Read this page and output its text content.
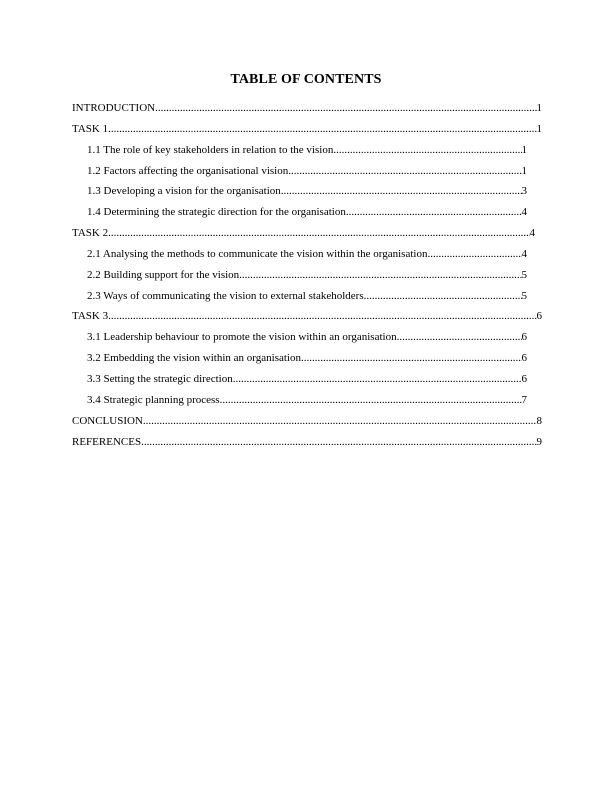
TABLE OF CONTENTS
INTRODUCTION .....	1
TASK 1 .....	1
1.1 The role of key stakeholders in relation to the vision .....	1
1.2 Factors affecting the organisational vision .....	1
1.3 Developing a vision for the organisation .....	3
1.4 Determining the strategic direction for the organisation .....	4
TASK 2 .....	4
2.1 Analysing the methods to communicate the vision within the organisation .....	4
2.2 Building support for the vision .....	5
2.3 Ways of communicating the vision to external stakeholders .....	5
TASK 3 .....	6
3.1 Leadership behaviour to promote the vision within an organisation .....	6
3.2 Embedding the vision within an organisation .....	6
3.3 Setting the strategic direction .....	6
3.4 Strategic planning process .....	7
CONCLUSION .....	8
REFERENCES .....	9
